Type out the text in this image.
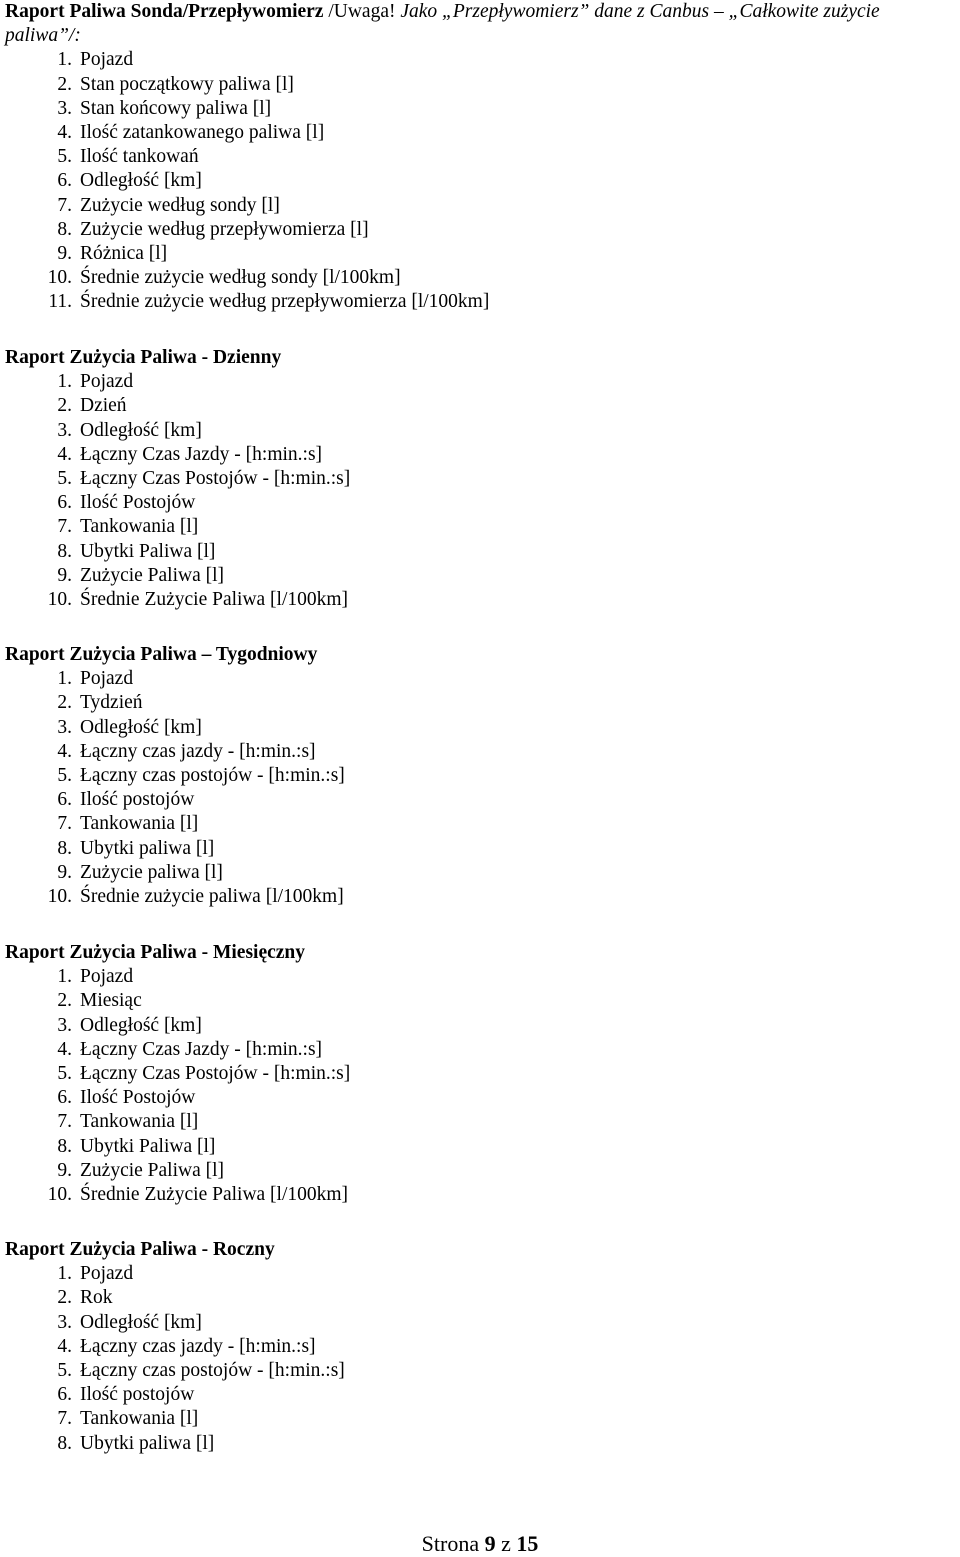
Raport Paliwa Sonda/Przepływomierz /Uwaga! Jako „Przepływomierz” dane z Canbus – „Całkowite zużycie paliwa”/:
1. Pojazd
2. Stan początkowy paliwa [l]
3. Stan końcowy paliwa [l]
4. Ilość zatankowanego paliwa [l]
5. Ilość tankowań
6. Odległość [km]
7. Zużycie według sondy [l]
8. Zużycie według przepływomierza [l]
9. Różnica [l]
10. Średnie zużycie według sondy [l/100km]
11. Średnie zużycie według przepływomierza [l/100km]
Raport Zużycia Paliwa - Dzienny
1. Pojazd
2. Dzień
3. Odległość [km]
4. Łączny Czas Jazdy - [h:min.:s]
5. Łączny Czas Postojów - [h:min.:s]
6. Ilość Postojów
7. Tankowania [l]
8. Ubytki Paliwa [l]
9. Zużycie Paliwa [l]
10. Średnie Zużycie Paliwa [l/100km]
Raport Zużycia Paliwa – Tygodniowy
1. Pojazd
2. Tydzień
3. Odległość [km]
4. Łączny czas jazdy - [h:min.:s]
5. Łączny czas postojów - [h:min.:s]
6. Ilość postojów
7. Tankowania [l]
8. Ubytki paliwa [l]
9. Zużycie paliwa [l]
10. Średnie zużycie paliwa [l/100km]
Raport Zużycia Paliwa - Miesięczny
1. Pojazd
2. Miesiąc
3. Odległość [km]
4. Łączny Czas Jazdy - [h:min.:s]
5. Łączny Czas Postojów - [h:min.:s]
6. Ilość Postojów
7. Tankowania [l]
8. Ubytki Paliwa [l]
9. Zużycie Paliwa [l]
10. Średnie Zużycie Paliwa [l/100km]
Raport Zużycia Paliwa - Roczny
1. Pojazd
2. Rok
3. Odległość [km]
4. Łączny czas jazdy - [h:min.:s]
5. Łączny czas postojów - [h:min.:s]
6. Ilość postojów
7. Tankowania [l]
8. Ubytki paliwa [l]
Strona 9 z 15
